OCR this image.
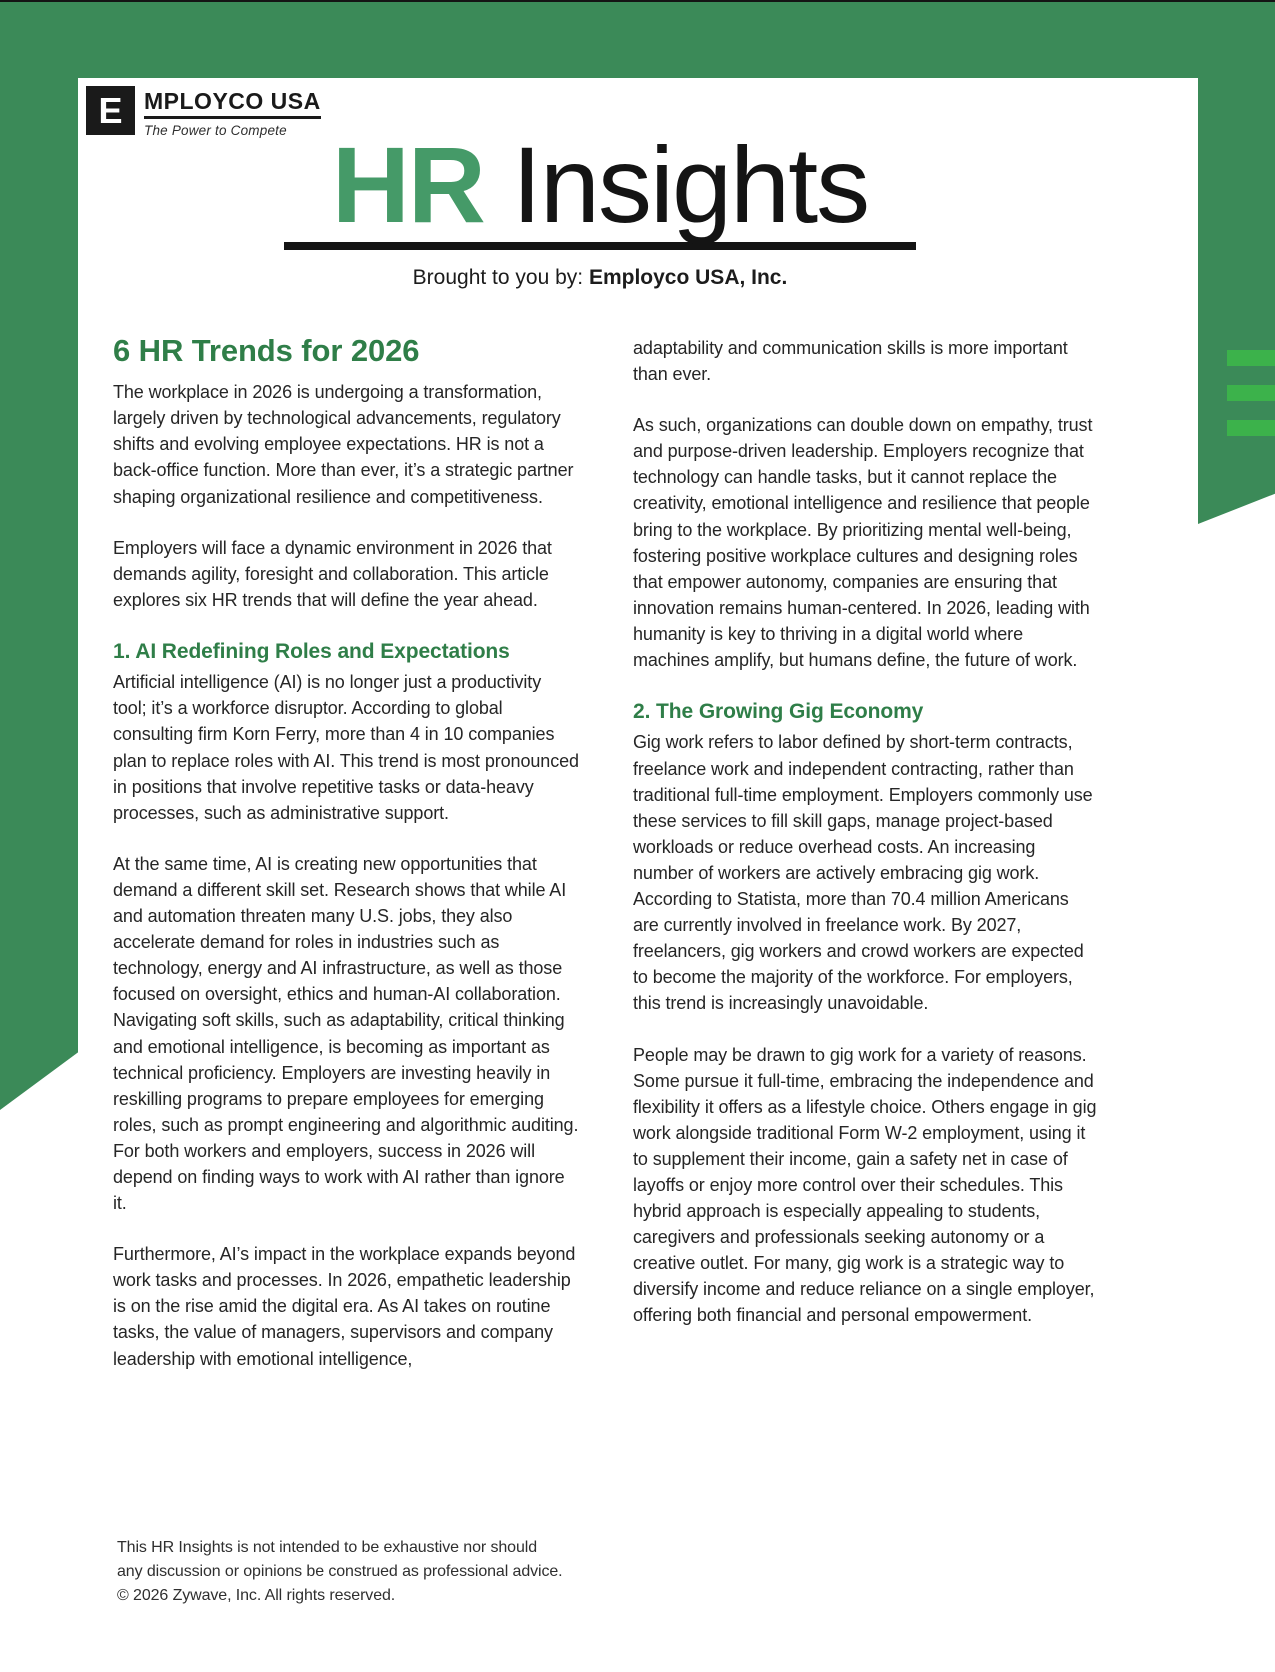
E MPLOYCO USA
The Power to Compete HR Insights
Brought to you by: Employco USA, Inc.
6 HR Trends for 2026

The workplace in 2026 is undergoing a transformation, largely driven by technological advancements, regulatory shifts and evolving employee expectations. HR is not a back-office function. More than ever, it’s a strategic partner shaping organizational resilience and competitiveness.

Employers will face a dynamic environment in 2026 that demands agility, foresight and collaboration. This article explores six HR trends that will define the year ahead.

1. AI Redefining Roles and Expectations

Artificial intelligence (AI) is no longer just a productivity tool; it’s a workforce disruptor. According to global consulting firm Korn Ferry, more than 4 in 10 companies plan to replace roles with AI. This trend is most pronounced in positions that involve repetitive tasks or data-heavy processes, such as administrative support.

At the same time, AI is creating new opportunities that demand a different skill set. Research shows that while AI and automation threaten many U.S. jobs, they also accelerate demand for roles in industries such as technology, energy and AI infrastructure, as well as those focused on oversight, ethics and human-AI collaboration. Navigating soft skills, such as adaptability, critical thinking and emotional intelligence, is becoming as important as technical proficiency. Employers are investing heavily in reskilling programs to prepare employees for emerging roles, such as prompt engineering and algorithmic auditing. For both workers and employers, success in 2026 will depend on finding ways to work with AI rather than ignore it.

Furthermore, AI’s impact in the workplace expands beyond work tasks and processes. In 2026, empathetic leadership is on the rise amid the digital era. As AI takes on routine tasks, the value of managers, supervisors and company leadership with emotional intelligence,

adaptability and communication skills is more important than ever.

As such, organizations can double down on empathy, trust and purpose-driven leadership. Employers recognize that technology can handle tasks, but it cannot replace the creativity, emotional intelligence and resilience that people bring to the workplace. By prioritizing mental well-being, fostering positive workplace cultures and designing roles that empower autonomy, companies are ensuring that innovation remains human-centered. In 2026, leading with humanity is key to thriving in a digital world where machines amplify, but humans define, the future of work.

2. The Growing Gig Economy

Gig work refers to labor defined by short-term contracts, freelance work and independent contracting, rather than traditional full-time employment. Employers commonly use these services to fill skill gaps, manage project-based workloads or reduce overhead costs. An increasing number of workers are actively embracing gig work. According to Statista, more than 70.4 million Americans are currently involved in freelance work. By 2027, freelancers, gig workers and crowd workers are expected to become the majority of the workforce. For employers, this trend is increasingly unavoidable.

People may be drawn to gig work for a variety of reasons. Some pursue it full-time, embracing the independence and flexibility it offers as a lifestyle choice. Others engage in gig work alongside traditional Form W-2 employment, using it to supplement their income, gain a safety net in case of layoffs or enjoy more control over their schedules. This hybrid approach is especially appealing to students, caregivers and professionals seeking autonomy or a creative outlet. For many, gig work is a strategic way to diversify income and reduce reliance on a single employer, offering both financial and personal empowerment.

This HR Insights is not intended to be exhaustive nor should any discussion or opinions be construed as professional advice. © 2026 Zywave, Inc. All rights reserved.
